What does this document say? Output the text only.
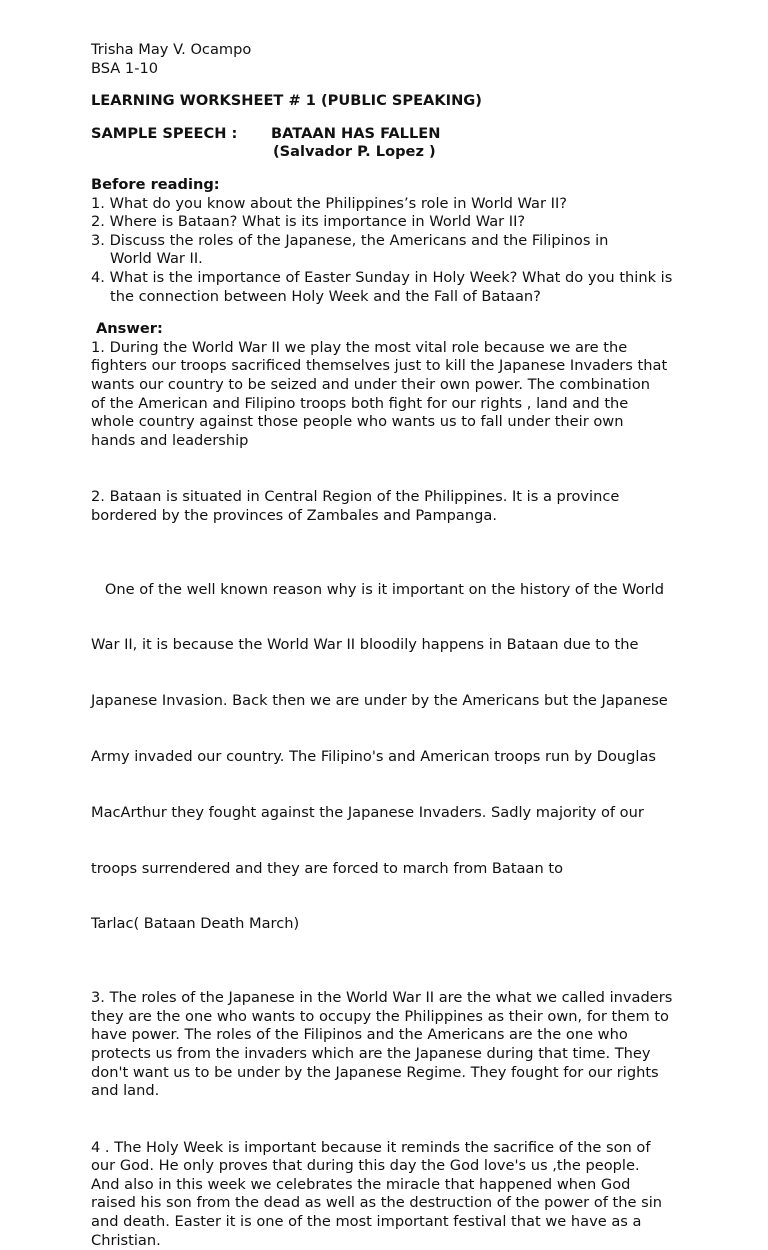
Trisha May V. Ocampo
BSA 1-10
LEARNING WORKSHEET # 1 (PUBLIC SPEAKING)
SAMPLE SPEECH :	BATAAN HAS FALLEN
(Salvador P. Lopez )
Before reading:
1. What do you know about the Philippines’s role in World War II?
2. Where is Bataan? What is its importance in World War II?
3. Discuss the roles of the Japanese, the Americans and the Filipinos in
World War II.
4. What is the importance of Easter Sunday in Holy Week? What do you think is
the connection between Holy Week and the Fall of Bataan?
Answer:

1. During the World War II we play the most vital role because we are the
fighters our troops sacrificed themselves just to kill the Japanese Invaders that
wants our country to be seized and under their own power. The combination
of the American and Filipino troops both fight for our rights , land and the
whole country against those people who wants us to fall under their own
hands and leadership

2. Bataan is situated in Central Region of the Philippines. It is a province
bordered by the provinces of Zambales and Pampanga.

One of the well known reason why is it important on the history of the World

War II, it is because the World War II bloodily happens in Bataan due to the

Japanese Invasion. Back then we are under by the Americans but the Japanese

Army invaded our country. The Filipino's and American troops run by Douglas

MacArthur they fought against the Japanese Invaders. Sadly majority of our

troops surrendered and they are forced to march from Bataan to

Tarlac( Bataan Death March)

3. The roles of the Japanese in the World War II are the what we called invaders
they are the one who wants to occupy the Philippines as their own, for them to
have power. The roles of the Filipinos and the Americans are the one who
protects us from the invaders which are the Japanese during that time. They
don't want us to be under by the Japanese Regime. They fought for our rights
and land.

4 . The Holy Week is important because it reminds the sacrifice of the son of
our God. He only proves that during this day the God love's us ,the people.
And also in this week we celebrates the miracle that happened when God
raised his son from the dead as well as the destruction of the power of the sin
and death. Easter it is one of the most important festival that we have as a
Christian.
